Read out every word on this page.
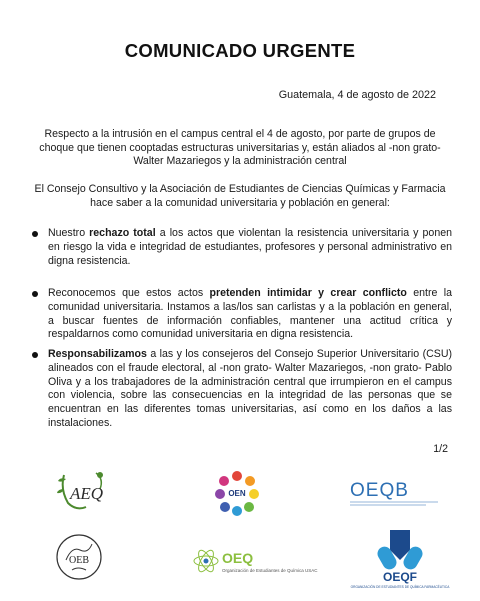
COMUNICADO URGENTE
Guatemala, 4 de agosto de 2022
Respecto a la intrusión en el campus central el 4 de agosto, por parte de grupos de choque que tienen cooptadas estructuras universitarias y, están aliados al -non grato- Walter Mazariegos y la administración central
El Consejo Consultivo y la Asociación de Estudiantes de Ciencias Químicas y Farmacia hace saber a la comunidad universitaria y población en general:
Nuestro rechazo total a los actos que violentan la resistencia universitaria y ponen en riesgo la vida e integridad de estudiantes, profesores y personal administrativo en digna resistencia.
Reconocemos que estos actos pretenden intimidar y crear conflicto entre la comunidad universitaria. Instamos a las/los san carlistas y a la población en general, a buscar fuentes de información confiables, mantener una actitud crítica y respaldarnos como comunidad universitaria en digna resistencia.
Responsabilizamos a las y los consejeros del Consejo Superior Universitario (CSU) alineados con el fraude electoral, al -non grato- Walter Mazariegos, -non grato- Pablo Oliva y a los trabajadores de la administración central que irrumpieron en el campus con violencia, sobre las consecuencias en la integridad de las personas que se encuentran en las diferentes tomas universitarias, así como en los daños a las instalaciones.
1/2
AEQ	OEN	OEQB
OEB	OEQ
Organización de Estudiantes de Química USAC	OEQF
ORGANIZACIÓN DE ESTUDIANTES DE QUÍMICA FARMACÉUTICA
